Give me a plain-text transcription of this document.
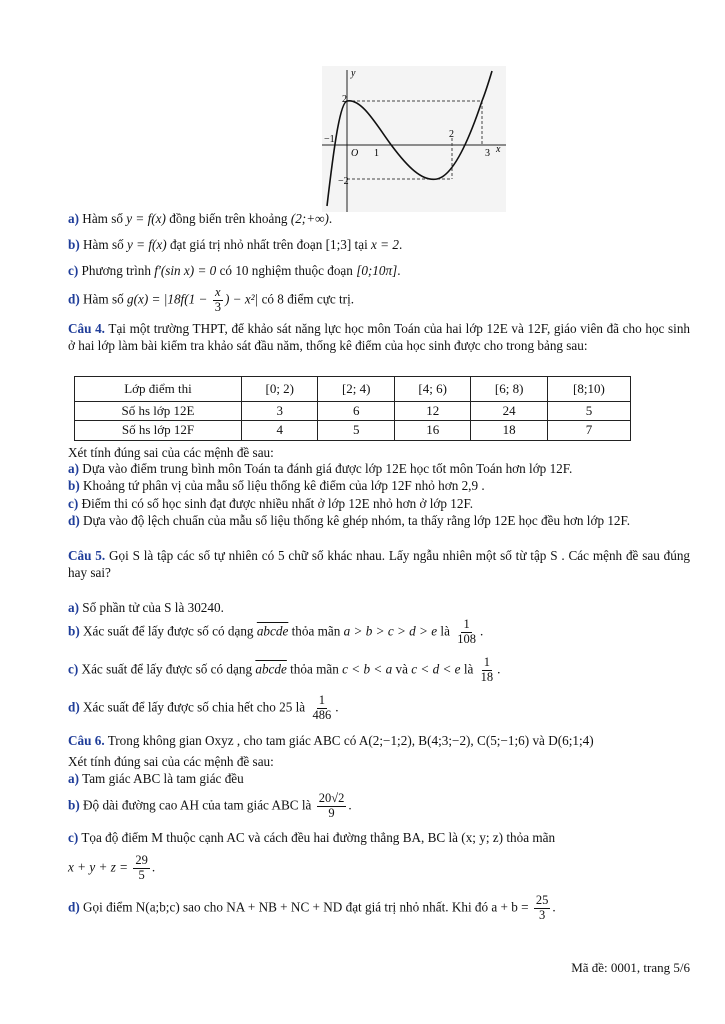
y
x
O
2
−2
−1
1
2
3
a) Hàm số y = f(x) đồng biến trên khoảng (2;+∞).
b) Hàm số y = f(x) đạt giá trị nhỏ nhất trên đoạn [1;3] tại x = 2.
c) Phương trình f′(sin x) = 0 có 10 nghiệm thuộc đoạn [0;10π].
d) Hàm số $g(x) = |18f(1 - \frac{x}{3}$ ) − x²| có 8 điểm cực trị.
Câu 4. Tại một trường THPT, để khảo sát năng lực học môn Toán của hai lớp 12E và 12F, giáo viên đã cho học sinh ở hai lớp làm bài kiểm tra khảo sát đầu năm, thống kê điểm của học sinh được cho trong bảng sau:
Lớp điểm thi	[0; 2)	[2; 4)	[4; 6)	[6; 8)	[8;10)
Số hs lớp 12E	3	6	12	24	5
Số hs lớp 12F	4	5	16	18	7
Xét tính đúng sai của các mệnh đề sau:
a) Dựa vào điểm trung bình môn Toán ta đánh giá được lớp 12E học tốt môn Toán hơn lớp 12F.
b) Khoảng tứ phân vị của mẫu số liệu thống kê điểm của lớp 12F nhỏ hơn 2,9 .
c) Điểm thi có số học sinh đạt được nhiều nhất ở lớp 12E nhỏ hơn ở lớp 12F.
d) Dựa vào độ lệch chuẩn của mẫu số liệu thống kê ghép nhóm, ta thấy rằng lớp 12E học đều hơn lớp 12F.
Câu 5. Gọi S là tập các số tự nhiên có 5 chữ số khác nhau. Lấy ngẫu nhiên một số từ tập S . Các mệnh đề sau đúng hay sai?
a) Số phần tử của S là 30240.
b) Xác suất để lấy được số có dạng abcde thỏa mãn a > b > c > d > e là $\frac{1}{108}$ .
c) Xác suất để lấy được số có dạng abcde thỏa mãn c < b < a và c < d < e là $\frac{1}{18}$ .
d) Xác suất để lấy được số chia hết cho 25 là $\frac{1}{486}$ .
Câu 6. Trong không gian Oxyz , cho tam giác ABC có A(2;−1;2), B(4;3;−2), C(5;−1;6) và D(6;1;4)
Xét tính đúng sai của các mệnh đề sau:
a) Tam giác ABC là tam giác đều
b) Độ dài đường cao AH của tam giác ABC là $\frac{20√2}{9}$ .
c) Tọa độ điểm M thuộc cạnh AC và cách đều hai đường thẳng BA, BC là (x; y; z) thỏa mãn
$x + y + z = \frac{29}{5}$ .
d) Gọi điểm N(a;b;c) sao cho NA + NB + NC + ND đạt giá trị nhỏ nhất. Khi đó $a + b = \frac{25}{3}$ .
Mã đề: 0001, trang 5/6
